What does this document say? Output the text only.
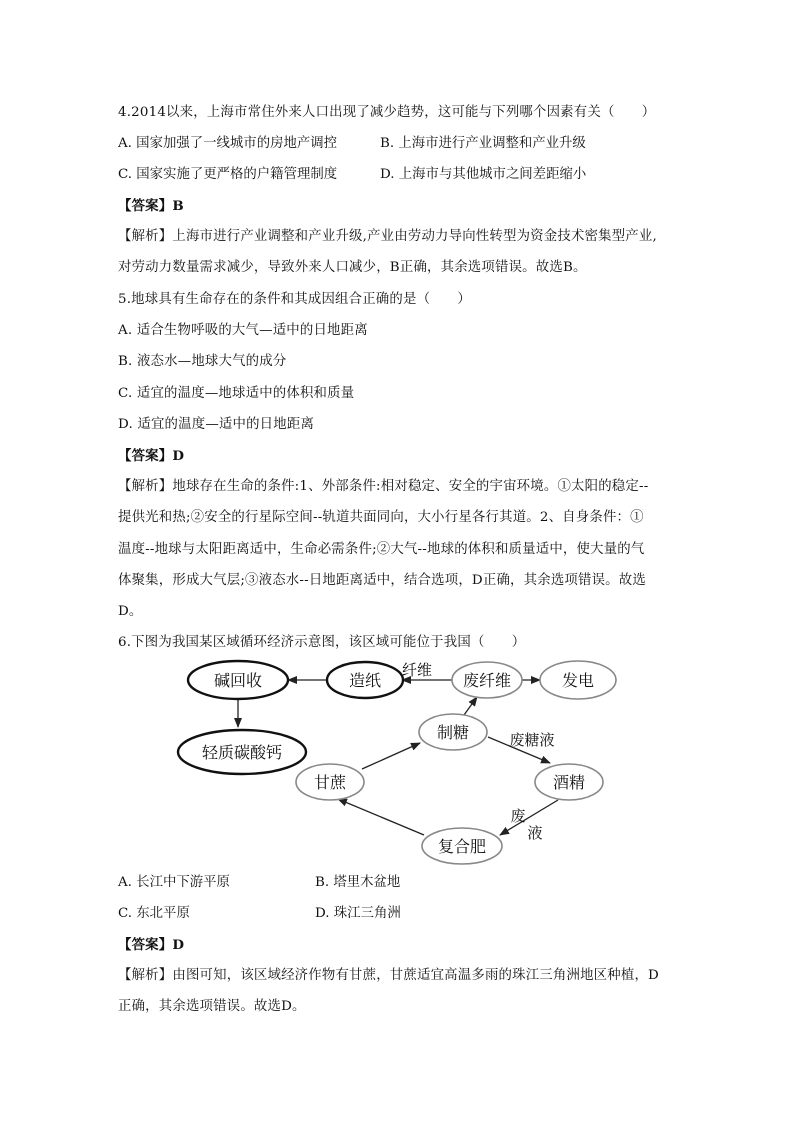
4.2014以来，上海市常住外来人口出现了减少趋势，这可能与下列哪个因素有关（　　）
A. 国家加强了一线城市的房地产调控	B. 上海市进行产业调整和产业升级
C. 国家实施了更严格的户籍管理制度	D. 上海市与其他城市之间差距缩小
【答案】B
【解析】上海市进行产业调整和产业升级,产业由劳动力导向性转型为资金技术密集型产业,
对劳动力数量需求减少，导致外来人口减少，B正确，其余选项错误。故选B。
5.地球具有生命存在的条件和其成因组合正确的是（　　）
A. 适合生物呼吸的大气—适中的日地距离
B. 液态水—地球大气的成分
C. 适宜的温度—地球适中的体积和质量
D. 适宜的温度—适中的日地距离
【答案】D
【解析】地球存在生命的条件:1、外部条件:相对稳定、安全的宇宙环境。①太阳的稳定--
提供光和热;②安全的行星际空间--轨道共面同向，大小行星各行其道。2、自身条件：①
温度--地球与太阳距离适中，生命必需条件;②大气--地球的体积和质量适中，使大量的气
体聚集，形成大气层;③液态水--日地距离适中，结合选项，D正确，其余选项错误。故选
D。
6.下图为我国某区域循环经济示意图，该区域可能位于我国（　　）
纤维
废糖液
废
液
碱回收	造纸
轻质碳酸钙
废纤维	发电
制糖
甘蔗	酒精
复合肥
A. 长江中下游平原	B. 塔里木盆地
C. 东北平原	D. 珠江三角洲
【答案】D
【解析】由图可知，该区域经济作物有甘蔗，甘蔗适宜高温多雨的珠江三角洲地区种植，D
正确，其余选项错误。故选D。
